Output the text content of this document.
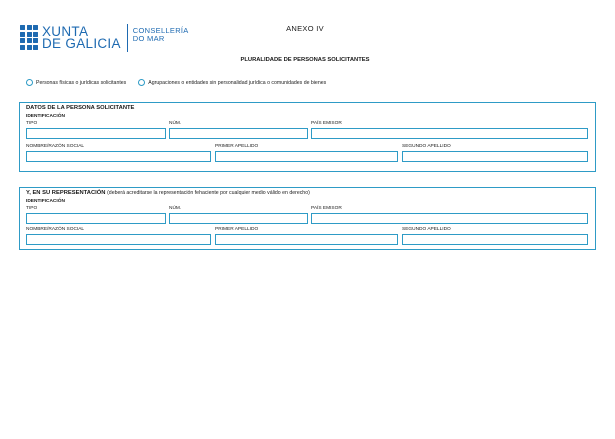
XUNTA
DE GALICIA
CONSELLERÍA
DO MAR
ANEXO IV
PLURALIDADE DE PERSONAS SOLICITANTES
Personas físicas o jurídicas solicitantes	Agrupaciones o entidades sin personalidad jurídica o comunidades de bienes
DATOS DE LA PERSONA SOLICITANTE
IDENTIFICACIÓN
TIPO	NÚM.	PAÍS EMISOR
NOMBRE/RAZÓN SOCIAL	PRIMER APELLIDO	SEGUNDO APELLIDO
Y, EN SU REPRESENTACIÓN (deberá acreditarse la representación fehaciente por cualquier medio válido en derecho)
IDENTIFICACIÓN
TIPO	NÚM.	PAÍS EMISOR
NOMBRE/RAZÓN SOCIAL	PRIMER APELLIDO	SEGUNDO APELLIDO
